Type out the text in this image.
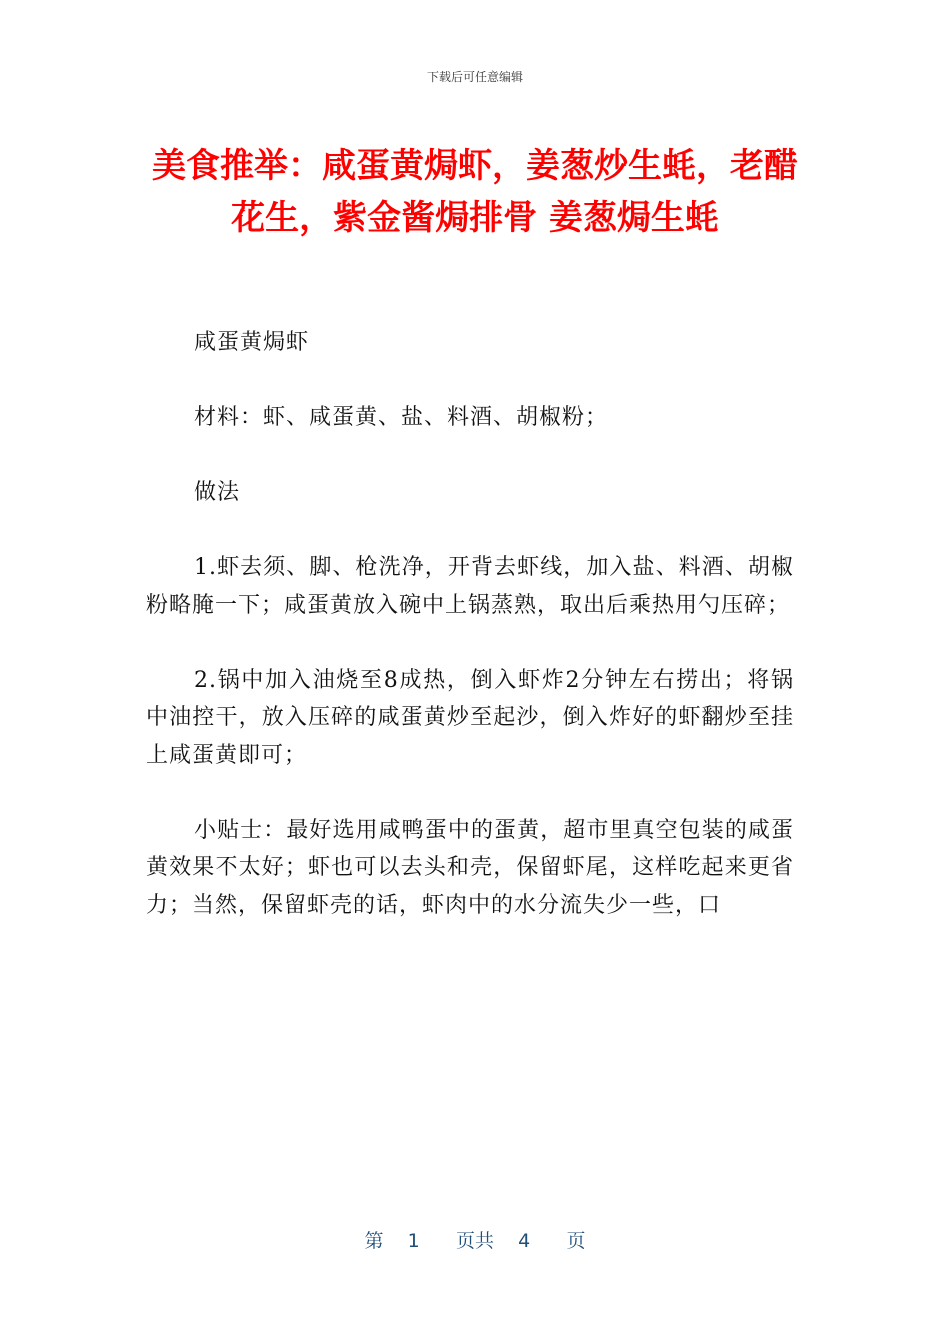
下载后可任意编辑
美食推举：咸蛋黄焗虾，姜葱炒生蚝，老醋
花生，紫金酱焗排骨 姜葱焗生蚝

咸蛋黄焗虾

材料：虾、咸蛋黄、盐、料酒、胡椒粉；

做法

1.虾去须、脚、枪洗净，开背去虾线，加入盐、料酒、胡椒粉略腌一下；咸蛋黄放入碗中上锅蒸熟，取出后乘热用勺压碎；

2.锅中加入油烧至8成热，倒入虾炸2分钟左右捞出；将锅中油控干，放入压碎的咸蛋黄炒至起沙，倒入炸好的虾翻炒至挂上咸蛋黄即可；

小贴士：最好选用咸鸭蛋中的蛋黄，超市里真空包装的咸蛋黄效果不太好；虾也可以去头和壳，保留虾尾，这样吃起来更省力；当然，保留虾壳的话，虾肉中的水分流失少一些，口

第 1 页共 4 页
